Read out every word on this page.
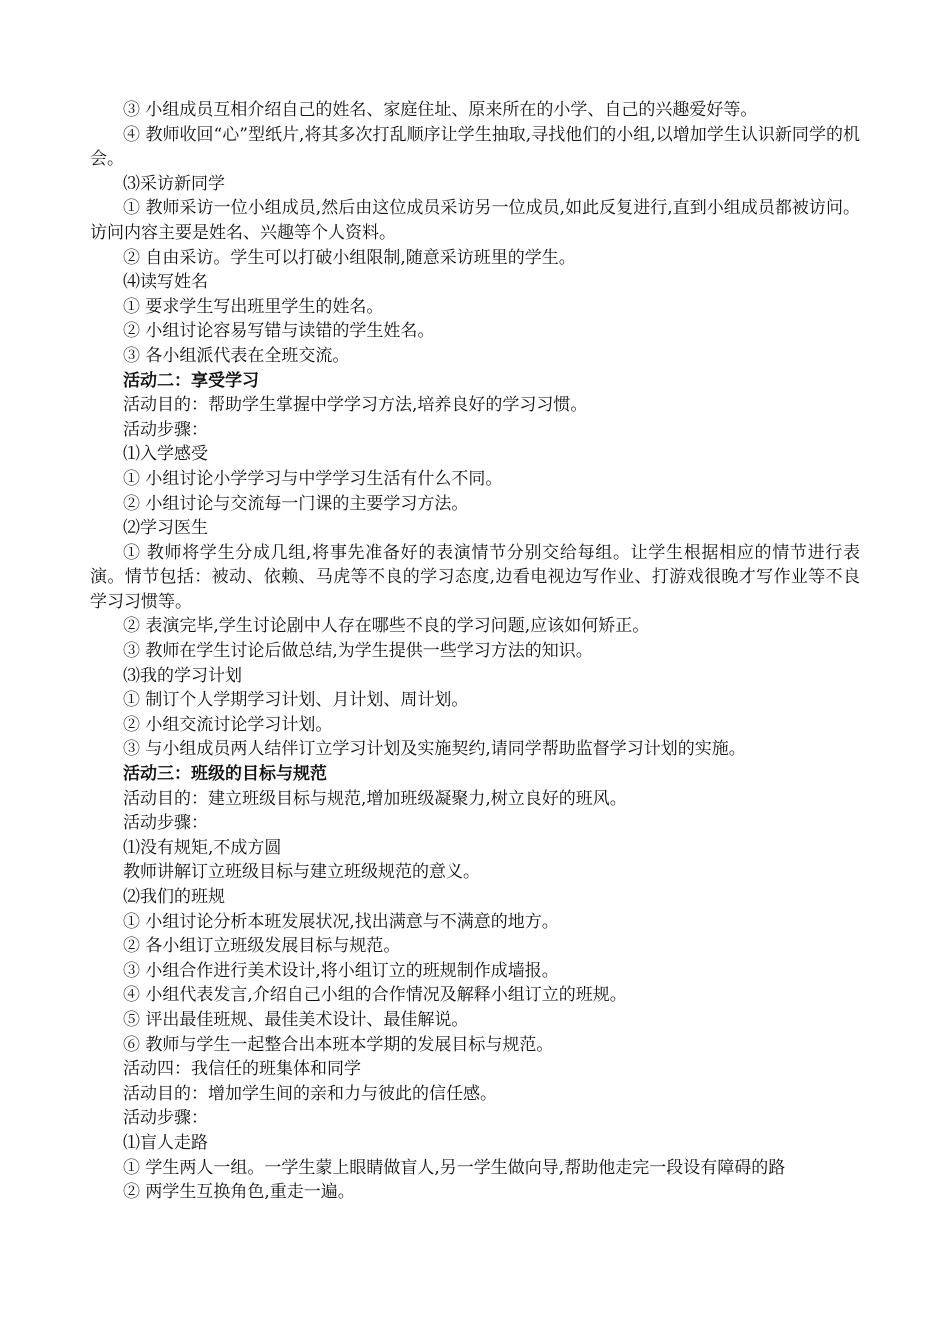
③ 小组成员互相介绍自己的姓名、家庭住址、原来所在的小学、自己的兴趣爱好等。

④ 教师收回“心”型纸片,将其多次打乱顺序让学生抽取,寻找他们的小组,以增加学生认识新同学的机会。

⑶采访新同学

① 教师采访一位小组成员,然后由这位成员采访另一位成员,如此反复进行,直到小组成员都被访问。访问内容主要是姓名、兴趣等个人资料。

② 自由采访。学生可以打破小组限制,随意采访班里的学生。

⑷读写姓名

① 要求学生写出班里学生的姓名。

② 小组讨论容易写错与读错的学生姓名。

③ 各小组派代表在全班交流。

活动二：享受学习

活动目的：帮助学生掌握中学学习方法,培养良好的学习习惯。

活动步骤：

⑴入学感受

① 小组讨论小学学习与中学学习生活有什么不同。

② 小组讨论与交流每一门课的主要学习方法。

⑵学习医生

① 教师将学生分成几组,将事先准备好的表演情节分别交给每组。让学生根据相应的情节进行表演。情节包括：被动、依赖、马虎等不良的学习态度,边看电视边写作业、打游戏很晚才写作业等不良学习习惯等。

② 表演完毕,学生讨论剧中人存在哪些不良的学习问题,应该如何矫正。

③ 教师在学生讨论后做总结,为学生提供一些学习方法的知识。

⑶我的学习计划

① 制订个人学期学习计划、月计划、周计划。

② 小组交流讨论学习计划。

③ 与小组成员两人结伴订立学习计划及实施契约,请同学帮助监督学习计划的实施。

活动三：班级的目标与规范

活动目的：建立班级目标与规范,增加班级凝聚力,树立良好的班风。

活动步骤：

⑴没有规矩,不成方圆

教师讲解订立班级目标与建立班级规范的意义。

⑵我们的班规

① 小组讨论分析本班发展状况,找出满意与不满意的地方。

② 各小组订立班级发展目标与规范。

③ 小组合作进行美术设计,将小组订立的班规制作成墙报。

④ 小组代表发言,介绍自己小组的合作情况及解释小组订立的班规。

⑤ 评出最佳班规、最佳美术设计、最佳解说。

⑥ 教师与学生一起整合出本班本学期的发展目标与规范。

活动四：我信任的班集体和同学

活动目的：增加学生间的亲和力与彼此的信任感。

活动步骤：

⑴盲人走路

① 学生两人一组。一学生蒙上眼睛做盲人,另一学生做向导,帮助他走完一段设有障碍的路

② 两学生互换角色,重走一遍。
